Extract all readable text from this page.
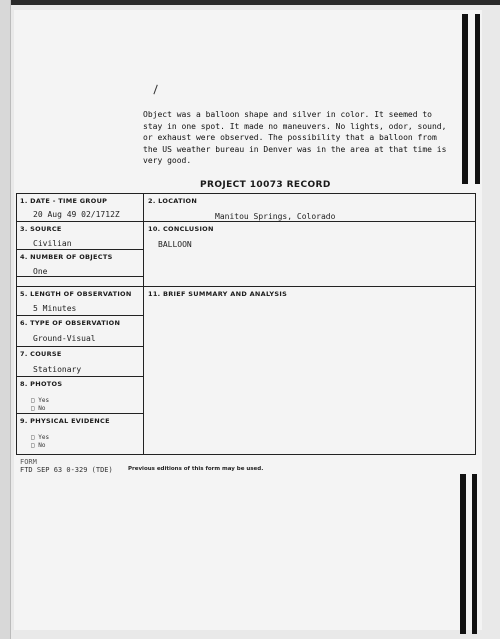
PROJECT 10073 RECORD
1. DATE - TIME GROUP
20 Aug 49 02/1712Z
3. SOURCE
Civilian
4. NUMBER OF OBJECTS
One
5. LENGTH OF OBSERVATION
5 Minutes
6. TYPE OF OBSERVATION
Ground-Visual
7. COURSE
Stationary
8. PHOTOS
□ Yes
□ No
9. PHYSICAL EVIDENCE
□ Yes
□ No
2. LOCATION
Manitou Springs, Colorado
10. CONCLUSION
BALLOON
11. BRIEF SUMMARY AND ANALYSIS
Object was a balloon shape and silver in color. It seemed to
stay in one spot. It made no maneuvers. No lights, odor, sound,
or exhaust were observed. The possibility that a balloon from
the US weather bureau in Denver was in the area at that time is
very good.
FORM
FTD SEP 63 0-329 (TDE)	Previous editions of this form may be used.
